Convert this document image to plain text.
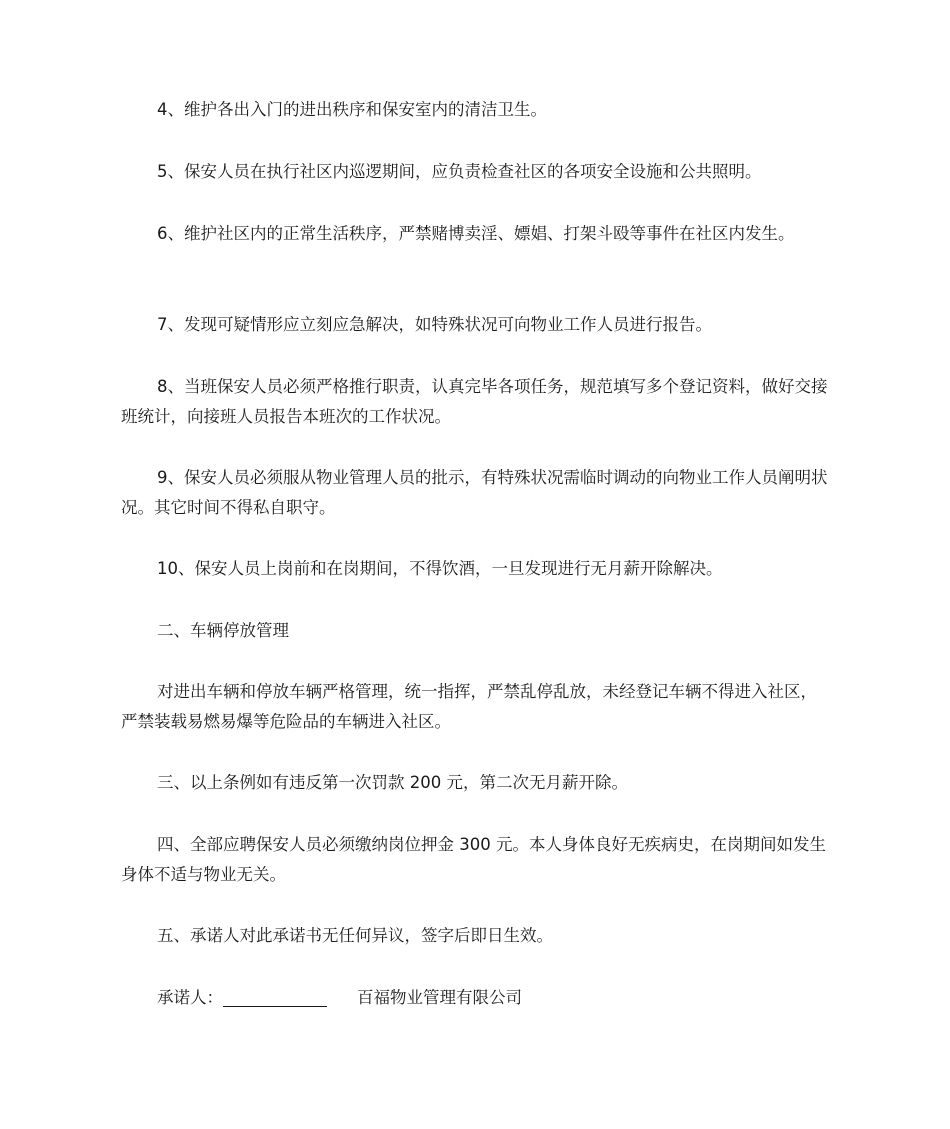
4、维护各出入门的进出秩序和保安室内的清洁卫生。

5、保安人员在执行社区内巡逻期间，应负责检查社区的各项安全设施和公共照明。

6、维护社区内的正常生活秩序，严禁赌博卖淫、嫖娼、打架斗殴等事件在社区内发生。

7、发现可疑情形应立刻应急解决，如特殊状况可向物业工作人员进行报告。

8、当班保安人员必须严格推行职责，认真完毕各项任务，规范填写多个登记资料，做好交接班统计，向接班人员报告本班次的工作状况。

9、保安人员必须服从物业管理人员的批示，有特殊状况需临时调动的向物业工作人员阐明状况。其它时间不得私自职守。

10、保安人员上岗前和在岗期间，不得饮酒，一旦发现进行无月薪开除解决。

二、车辆停放管理

对进出车辆和停放车辆严格管理，统一指挥，严禁乱停乱放，未经登记车辆不得进入社区，严禁装载易燃易爆等危险品的车辆进入社区。

三、以上条例如有违反第一次罚款 200 元，第二次无月薪开除。

四、全部应聘保安人员必须缴纳岗位押金 300 元。本人身体良好无疾病史，在岗期间如发生身体不适与物业无关。

五、承诺人对此承诺书无任何异议，签字后即日生效。

承诺人：	百福物业管理有限公司
